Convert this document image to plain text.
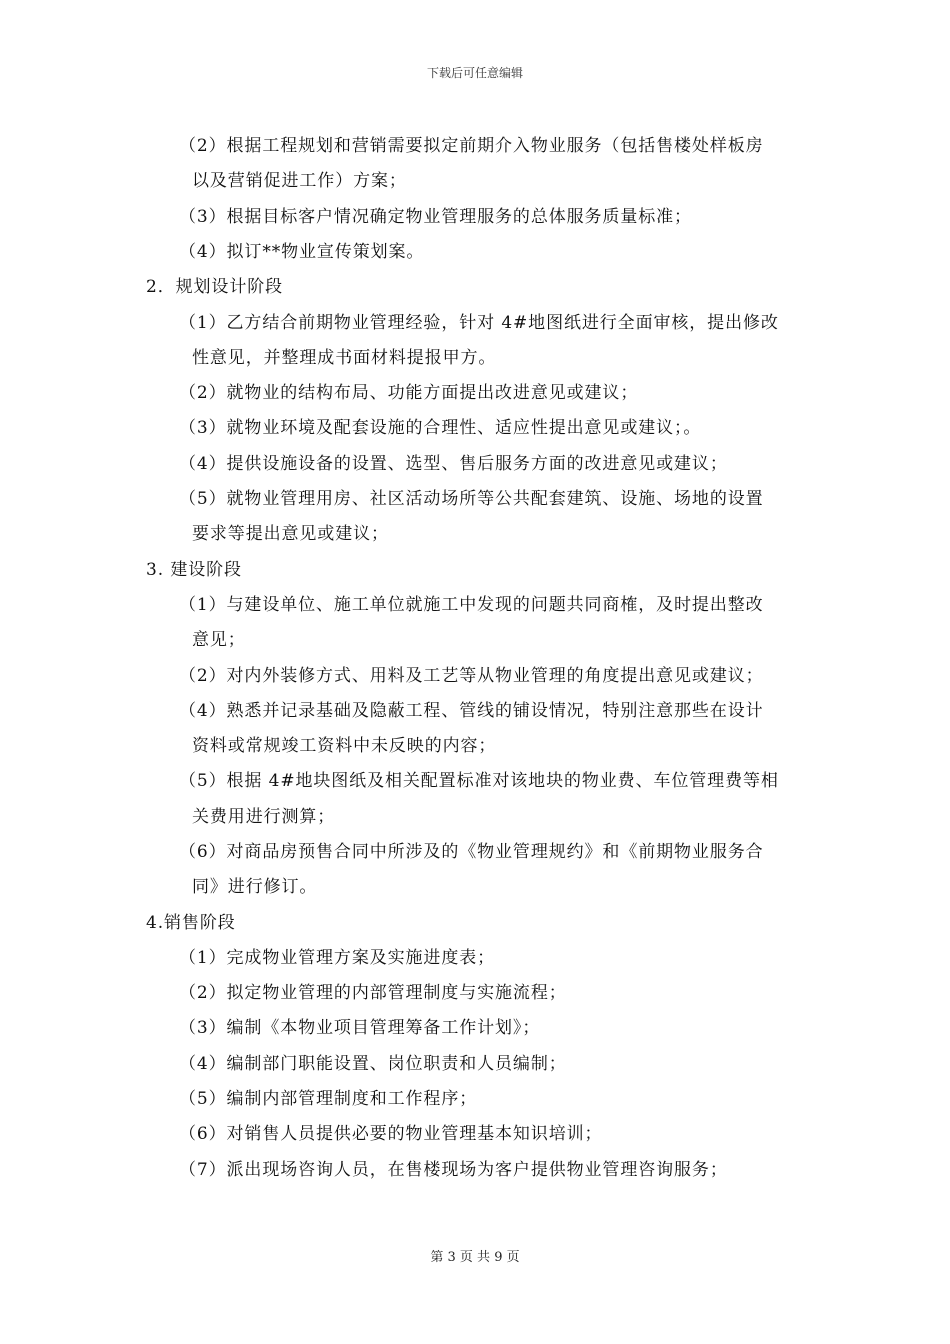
下载后可任意编辑
（2）根据工程规划和营销需要拟定前期介入物业服务（包括售楼处样板房
以及营销促进工作）方案；
（3）根据目标客户情况确定物业管理服务的总体服务质量标准；
（4）拟订**物业宣传策划案。
2．规划设计阶段
（1）乙方结合前期物业管理经验，针对 4#地图纸进行全面审核，提出修改
性意见，并整理成书面材料提报甲方。
（2）就物业的结构布局、功能方面提出改进意见或建议；
（3）就物业环境及配套设施的合理性、适应性提出意见或建议；。
（4）提供设施设备的设置、选型、售后服务方面的改进意见或建议；
（5）就物业管理用房、社区活动场所等公共配套建筑、设施、场地的设置
要求等提出意见或建议；
3. 建设阶段
（1）与建设单位、施工单位就施工中发现的问题共同商榷，及时提出整改
意见；
（2）对内外装修方式、用料及工艺等从物业管理的角度提出意见或建议；
（4）熟悉并记录基础及隐蔽工程、管线的铺设情况，特别注意那些在设计
资料或常规竣工资料中未反映的内容；
（5）根据 4#地块图纸及相关配置标准对该地块的物业费、车位管理费等相
关费用进行测算；
（6）对商品房预售合同中所涉及的《物业管理规约》和《前期物业服务合
同》进行修订。
4.销售阶段
（1）完成物业管理方案及实施进度表；
（2）拟定物业管理的内部管理制度与实施流程；
（3）编制《本物业项目管理筹备工作计划》；
（4）编制部门职能设置、岗位职责和人员编制；
（5）编制内部管理制度和工作程序；
（6）对销售人员提供必要的物业管理基本知识培训；
（7）派出现场咨询人员，在售楼现场为客户提供物业管理咨询服务；
第 3 页 共 9 页
